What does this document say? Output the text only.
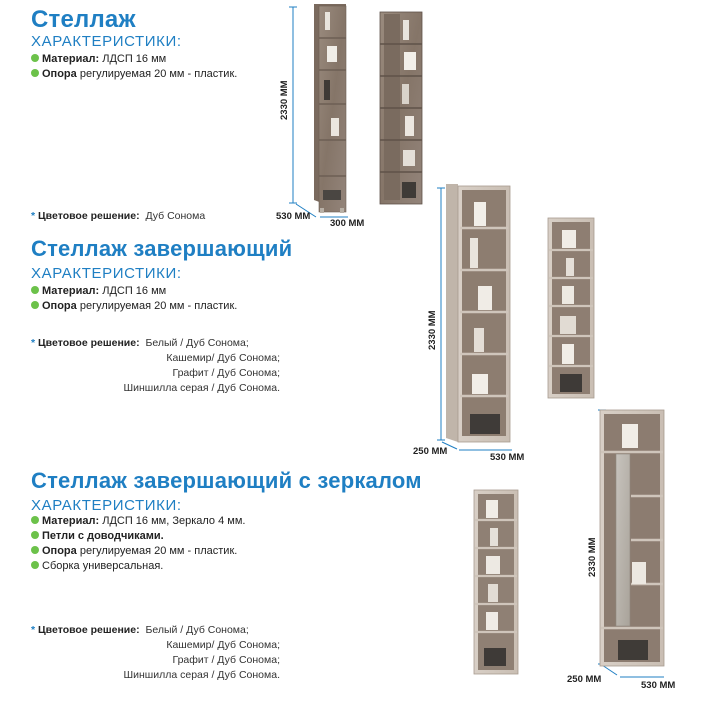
Стеллаж
ХАРАКТЕРИСТИКИ:
Материал: ЛДСП 16 мм
Опора регулируемая 20 мм - пластик.
* Цветовое решение: Дуб Сонома
Стеллаж завершающий
ХАРАКТЕРИСТИКИ:
Материал: ЛДСП 16 мм
Опора регулируемая 20 мм - пластик.
* Цветовое решение: Белый / Дуб Сонома;
Кашемир/ Дуб Сонома;
Графит / Дуб Сонома;
Шиншилла серая / Дуб Сонома.
Стеллаж завершающий с зеркалом
ХАРАКТЕРИСТИКИ:
Материал: ЛДСП 16 мм, Зеркало 4 мм.
Петли с доводчиками.
Опора регулируемая 20 мм - пластик.
Сборка универсальная.
* Цветовое решение: Белый / Дуб Сонома;
Кашемир/ Дуб Сонома;
Графит / Дуб Сонома;
Шиншилла серая / Дуб Сонома.
2330 ММ
530 ММ
300 ММ
2330 ММ
250 ММ
530 ММ
2330 ММ
250 ММ
530 ММ
